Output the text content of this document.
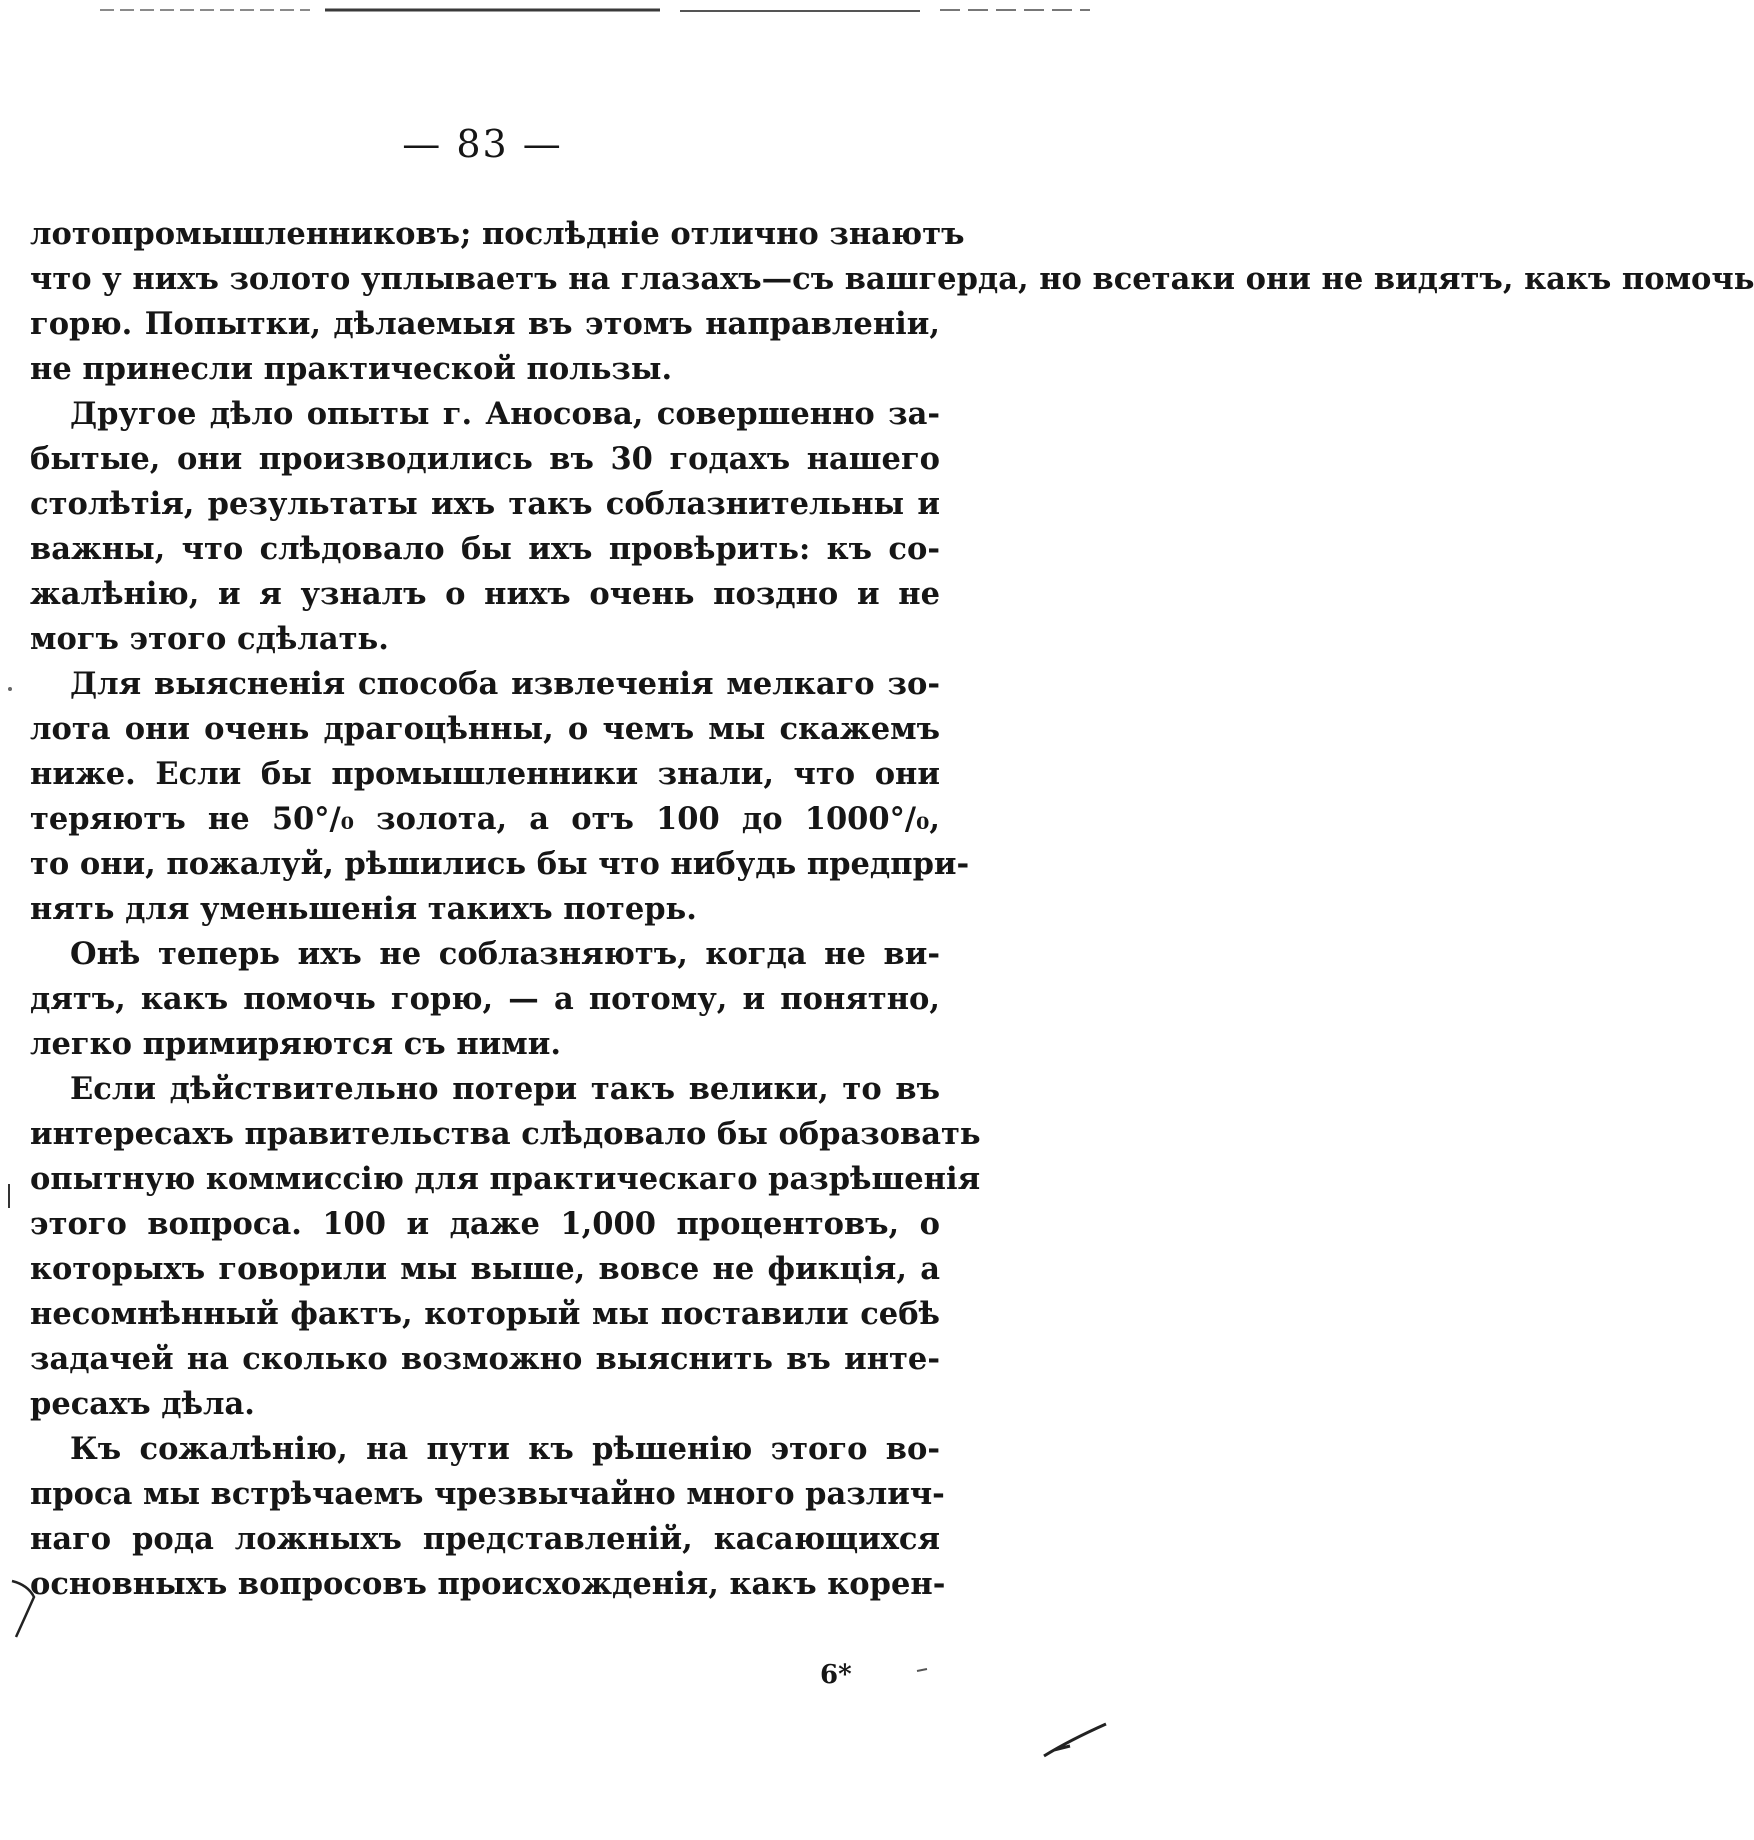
— 83 —
лотопромышленниковъ; послѣдніе отлично знаютъ
что у нихъ золото уплываетъ на глазахъ—съ вашгерда, но всетаки они не видятъ, какъ помочь
горю. Попытки, дѣлаемыя въ этомъ направленіи,
не принесли практической пользы.
Другое дѣло опыты г. Аносова, совершенно за-
бытые, они производились въ 30 годахъ нашего
столѣтія, результаты ихъ такъ соблазнительны и
важны, что слѣдовало бы ихъ провѣрить: къ со-
жалѣнію, и я узналъ о нихъ очень поздно и не
могъ этого сдѣлать.
Для выясненія способа извлеченія мелкаго зо-
лота они очень драгоцѣнны, о чемъ мы скажемъ
ниже. Если бы промышленники знали, что они
теряютъ не 50°/₀ золота, а отъ 100 до 1000°/₀,
то они, пожалуй, рѣшились бы что нибудь предпри-
нять для уменьшенія такихъ потерь.
Онѣ теперь ихъ не соблазняютъ, когда не ви-
дятъ, какъ помочь горю, — а потому, и понятно,
легко примиряются съ ними.
Если дѣйствительно потери такъ велики, то въ
интересахъ правительства слѣдовало бы образовать
опытную коммиссію для практическаго разрѣшенія
этого вопроса. 100 и даже 1,000 процентовъ, о
которыхъ говорили мы выше, вовсе не фикція, а
несомнѣнный фактъ, который мы поставили себѣ
задачей на сколько возможно выяснить въ инте-
ресахъ дѣла.
Къ сожалѣнію, на пути къ рѣшенію этого во-
проса мы встрѣчаемъ чрезвычайно много различ-
наго рода ложныхъ представленій, касающихся
основныхъ вопросовъ происхожденія, какъ корен-
6*
